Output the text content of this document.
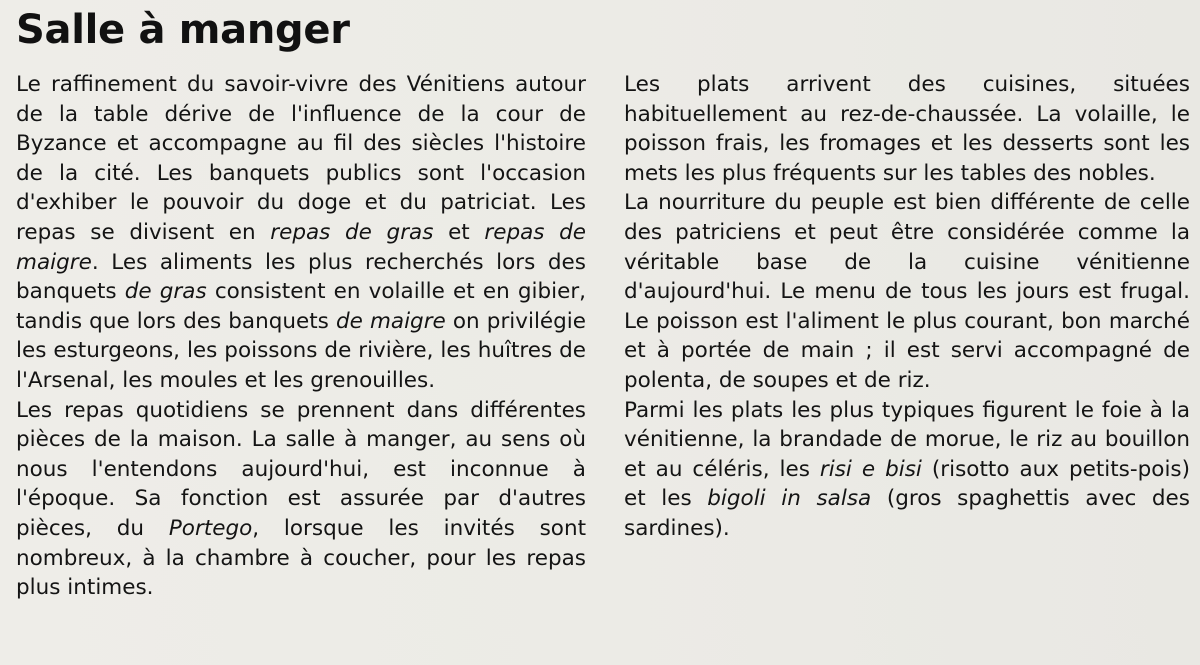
Salle à manger

Le raffinement du savoir-vivre des Vénitiens autour de la table dérive de l'influence de la cour de Byzance et accompagne au fil des siècles l'histoire de la cité. Les banquets publics sont l'occasion d'exhiber le pouvoir du doge et du patriciat. Les repas se divisent en repas de gras et repas de maigre. Les aliments les plus recherchés lors des banquets de gras consistent en volaille et en gibier, tandis que lors des banquets de maigre on privilégie les esturgeons, les poissons de rivière, les huîtres de l'Arsenal, les moules et les grenouilles.

Les repas quotidiens se prennent dans différentes pièces de la maison. La salle à manger, au sens où nous l'entendons aujourd'hui, est inconnue à l'époque. Sa fonction est assurée par d'autres pièces, du Portego, lorsque les invités sont nombreux, à la chambre à coucher, pour les repas plus intimes.

Les plats arrivent des cuisines, situées habituellement au rez-de-chaussée. La volaille, le poisson frais, les fromages et les desserts sont les mets les plus fréquents sur les tables des nobles.

La nourriture du peuple est bien différente de celle des patriciens et peut être considérée comme la véritable base de la cuisine vénitienne d'aujourd'hui. Le menu de tous les jours est frugal. Le poisson est l'aliment le plus courant, bon marché et à portée de main ; il est servi accompagné de polenta, de soupes et de riz.

Parmi les plats les plus typiques figurent le foie à la vénitienne, la brandade de morue, le riz au bouillon et au céléris, les risi e bisi (risotto aux petits-pois) et les bigoli in salsa (gros spaghettis avec des sardines).
